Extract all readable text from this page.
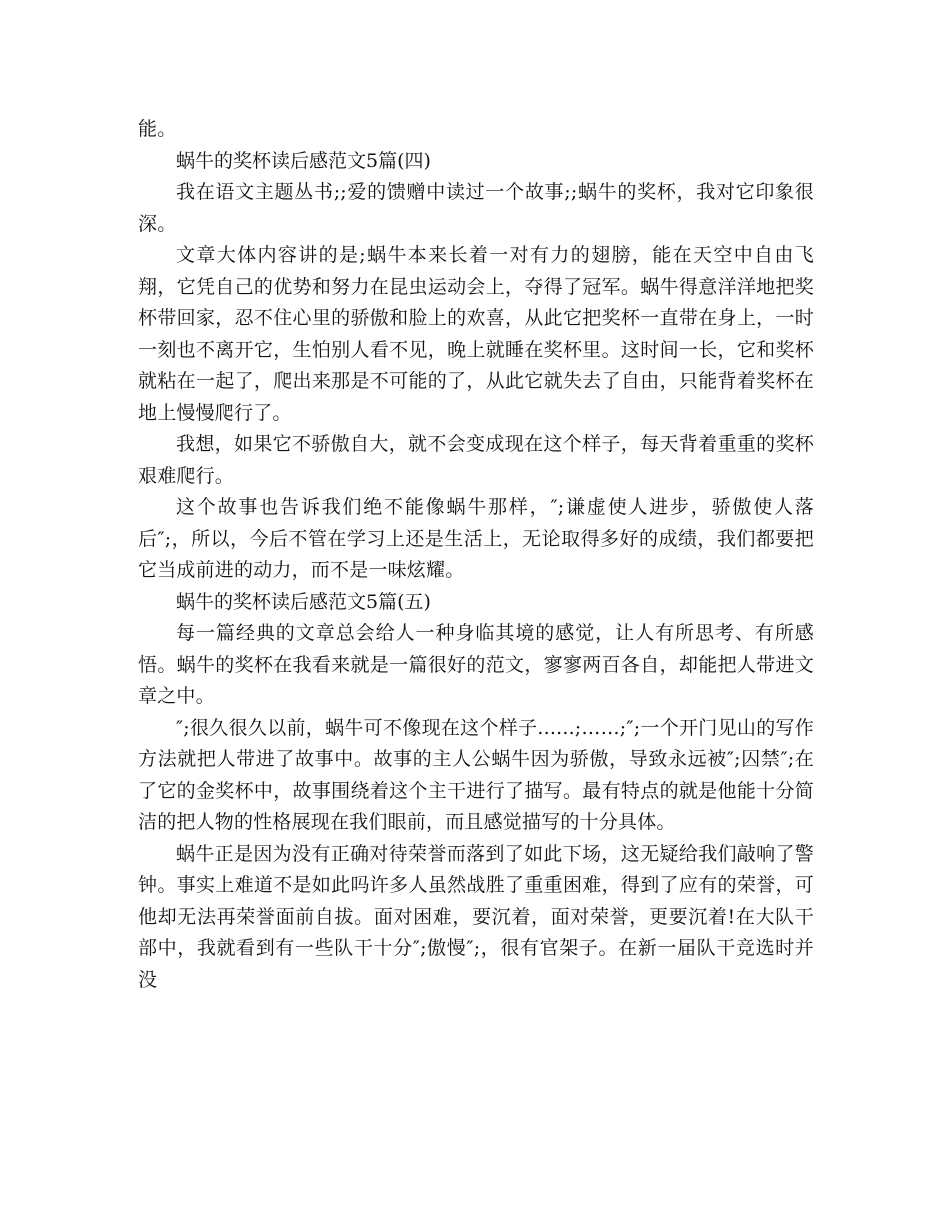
能。

蜗牛的奖杯读后感范文5篇(四)

我在语文主题丛书;;爱的馈赠中读过一个故事;;蜗牛的奖杯，我对它印象很深。

文章大体内容讲的是;蜗牛本来长着一对有力的翅膀，能在天空中自由飞翔，它凭自己的优势和努力在昆虫运动会上，夺得了冠军。蜗牛得意洋洋地把奖杯带回家，忍不住心里的骄傲和脸上的欢喜，从此它把奖杯一直带在身上，一时一刻也不离开它，生怕别人看不见，晚上就睡在奖杯里。这时间一长，它和奖杯就粘在一起了，爬出来那是不可能的了，从此它就失去了自由，只能背着奖杯在地上慢慢爬行了。

我想，如果它不骄傲自大，就不会变成现在这个样子，每天背着重重的奖杯艰难爬行。

这个故事也告诉我们绝不能像蜗牛那样，″;谦虚使人进步，骄傲使人落后″;，所以，今后不管在学习上还是生活上，无论取得多好的成绩，我们都要把它当成前进的动力，而不是一味炫耀。

蜗牛的奖杯读后感范文5篇(五)

每一篇经典的文章总会给人一种身临其境的感觉，让人有所思考、有所感悟。蜗牛的奖杯在我看来就是一篇很好的范文，寥寥两百各自，却能把人带进文章之中。

″;很久很久以前，蜗牛可不像现在这个样子......;……;″;一个开门见山的写作方法就把人带进了故事中。故事的主人公蜗牛因为骄傲，导致永远被″;囚禁″;在了它的金奖杯中，故事围绕着这个主干进行了描写。最有特点的就是他能十分简洁的把人物的性格展现在我们眼前，而且感觉描写的十分具体。

蜗牛正是因为没有正确对待荣誉而落到了如此下场，这无疑给我们敲响了警钟。事实上难道不是如此吗许多人虽然战胜了重重困难，得到了应有的荣誉，可他却无法再荣誉面前自拔。面对困难，要沉着，面对荣誉，更要沉着!在大队干部中，我就看到有一些队干十分″;傲慢″;，很有官架子。在新一届队干竞选时并没
